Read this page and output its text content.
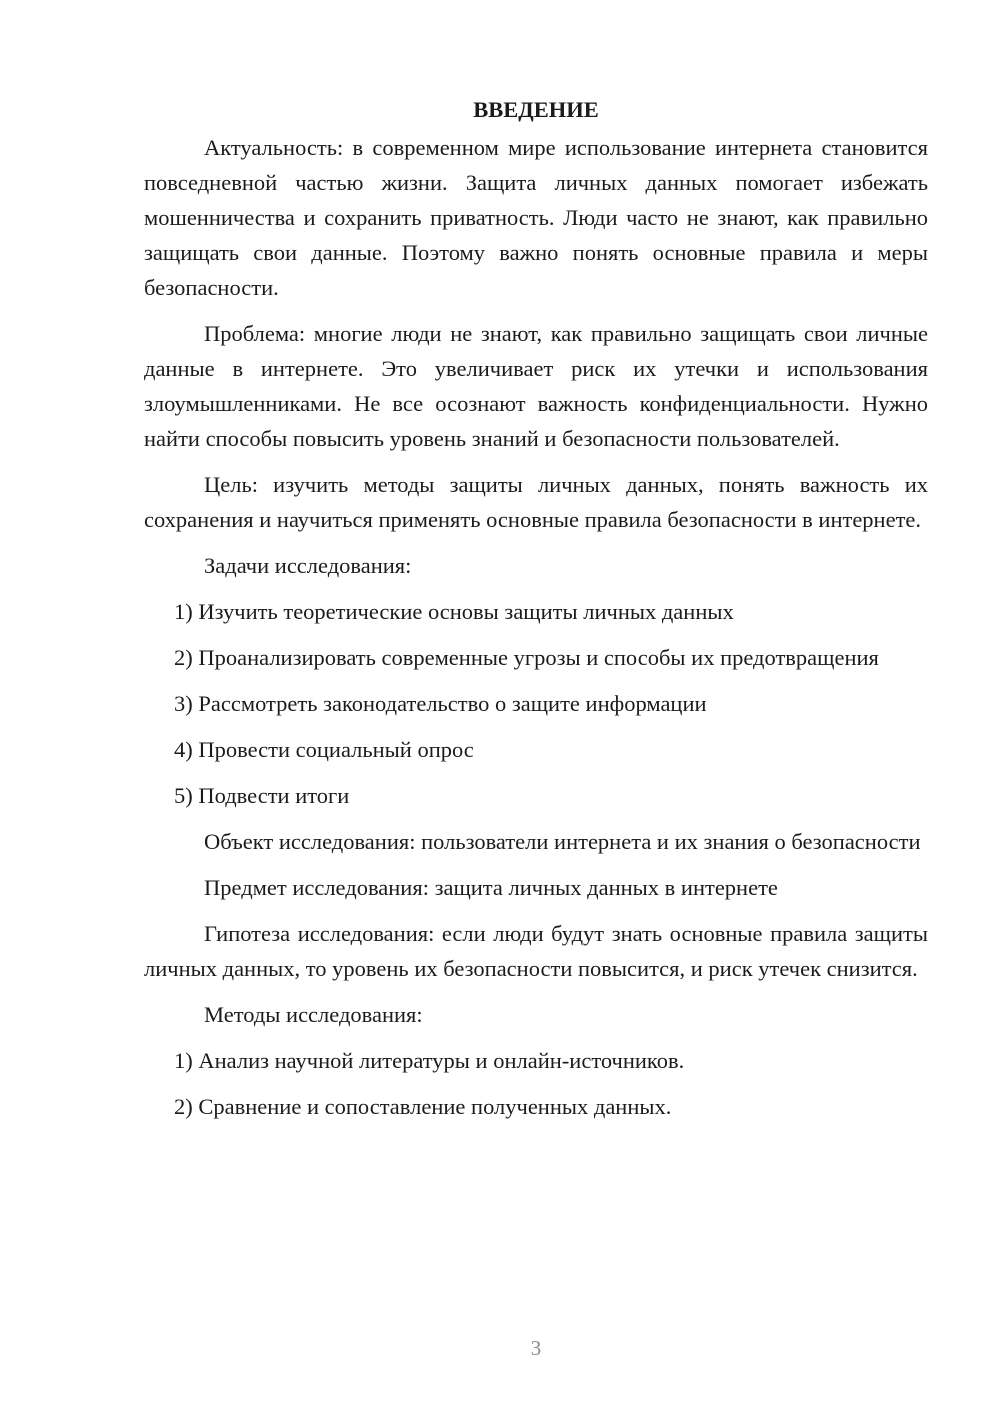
ВВЕДЕНИЕ

Актуальность: в современном мире использование интернета становится повседневной частью жизни. Защита личных данных помогает избежать мошенничества и сохранить приватность. Люди часто не знают, как правильно защищать свои данные. Поэтому важно понять основные правила и меры безопасности.

Проблема: многие люди не знают, как правильно защищать свои личные данные в интернете. Это увеличивает риск их утечки и использования злоумышленниками. Не все осознают важность конфиденциальности. Нужно найти способы повысить уровень знаний и безопасности пользователей.

Цель: изучить методы защиты личных данных, понять важность их сохранения и научиться применять основные правила безопасности в интернете.

Задачи исследования:

1) Изучить теоретические основы защиты личных данных

2) Проанализировать современные угрозы и способы их предотвращения

3) Рассмотреть законодательство о защите информации

4) Провести социальный опрос

5) Подвести итоги

Объект исследования: пользователи интернета и их знания о безопасности

Предмет исследования: защита личных данных в интернете

Гипотеза исследования: если люди будут знать основные правила защиты личных данных, то уровень их безопасности повысится, и риск утечек снизится.

Методы исследования:

1) Анализ научной литературы и онлайн-источников.

2) Сравнение и сопоставление полученных данных.

3
